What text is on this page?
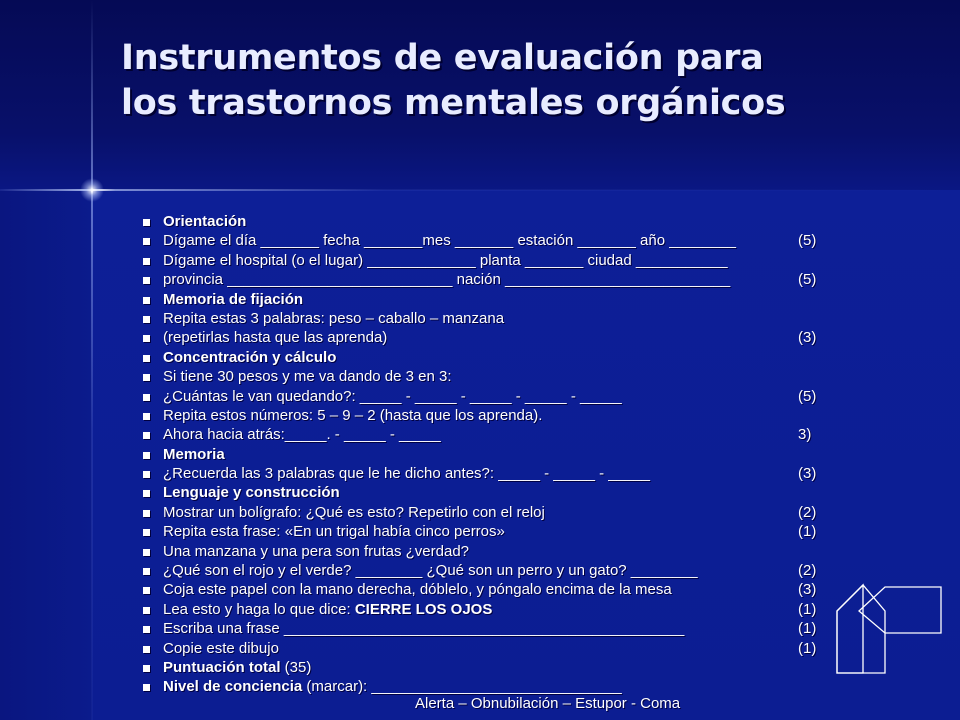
Instrumentos de evaluación para
los trastornos mentales orgánicos
Orientación
Dígame el día _______ fecha _______mes _______ estación _______ año ________	(5)
Dígame el hospital (o el lugar) _____________ planta _______ ciudad ___________
provincia ___________________________ nación ___________________________	(5)
Memoria de fijación
Repita estas 3 palabras: peso – caballo – manzana
(repetirlas hasta que las aprenda)	(3)
Concentración y cálculo
Si tiene 30 pesos y me va dando de 3 en 3:
¿Cuántas le van quedando?: _____ - _____ - _____ - _____ - _____	(5)
Repita estos números: 5 – 9 – 2 (hasta que los aprenda).
Ahora hacia atrás:_____. - _____ - _____	3)
Memoria
¿Recuerda las 3 palabras que le he dicho antes?: _____ - _____ - _____	(3)
Lenguaje y construcción
Mostrar un bolígrafo: ¿Qué es esto? Repetirlo con el reloj	(2)
Repita esta frase: «En un trigal había cinco perros»	(1)
Una manzana y una pera son frutas ¿verdad?
¿Qué son el rojo y el verde? ________ ¿Qué son un perro y un gato? ________	(2)
Coja este papel con la mano derecha, dóblelo, y póngalo encima de la mesa	(3)
Lea esto y haga lo que dice: CIERRE LOS OJOS	(1)
Escriba una frase ________________________________________________	(1)
Copie este dibujo	(1)
Puntuación total (35)
Nivel de conciencia (marcar): ______________________________
Alerta – Obnubilación – Estupor - Coma
